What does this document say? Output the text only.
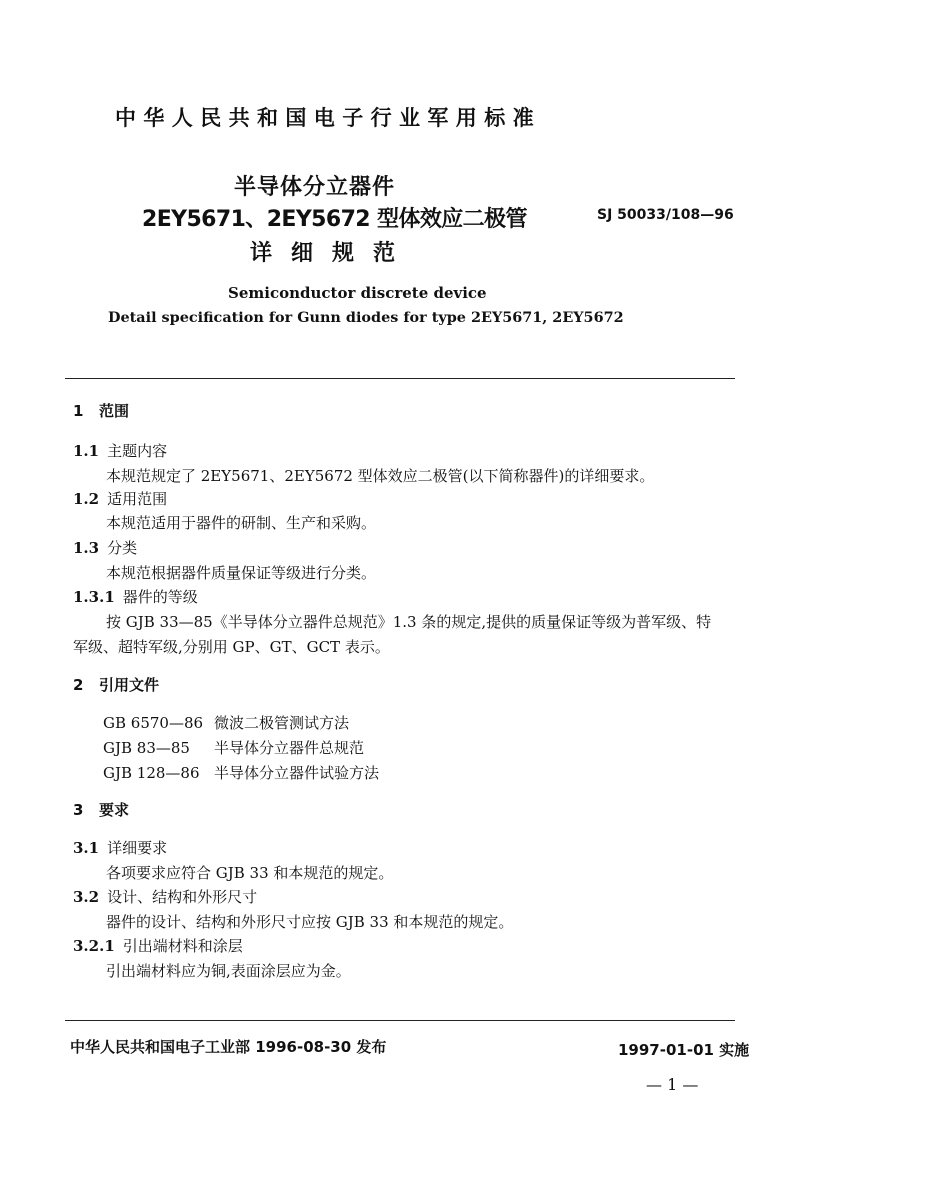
中华人民共和国电子行业军用标准
半导体分立器件
2EY5671、2EY5672 型体效应二极管
详细规范
SJ 50033/108—96
Semiconductor discrete device
Detail specification for Gunn diodes for type 2EY5671, 2EY5672
1 范围
1.1 主题内容
本规范规定了 2EY5671、2EY5672 型体效应二极管(以下简称器件)的详细要求。
1.2 适用范围
本规范适用于器件的研制、生产和采购。
1.3 分类
本规范根据器件质量保证等级进行分类。
1.3.1 器件的等级
按 GJB 33—85《半导体分立器件总规范》1.3 条的规定,提供的质量保证等级为普军级、特
军级、超特军级,分别用 GP、GT、GCT 表示。
2 引用文件
GB 6570—86 微波二极管测试方法
GJB 83—85 半导体分立器件总规范
GJB 128—86 半导体分立器件试验方法
3 要求
3.1 详细要求
各项要求应符合 GJB 33 和本规范的规定。
3.2 设计、结构和外形尺寸
器件的设计、结构和外形尺寸应按 GJB 33 和本规范的规定。
3.2.1 引出端材料和涂层
引出端材料应为铜,表面涂层应为金。
中华人民共和国电子工业部 1996-08-30 发布	1997-01-01 实施
— 1 —
